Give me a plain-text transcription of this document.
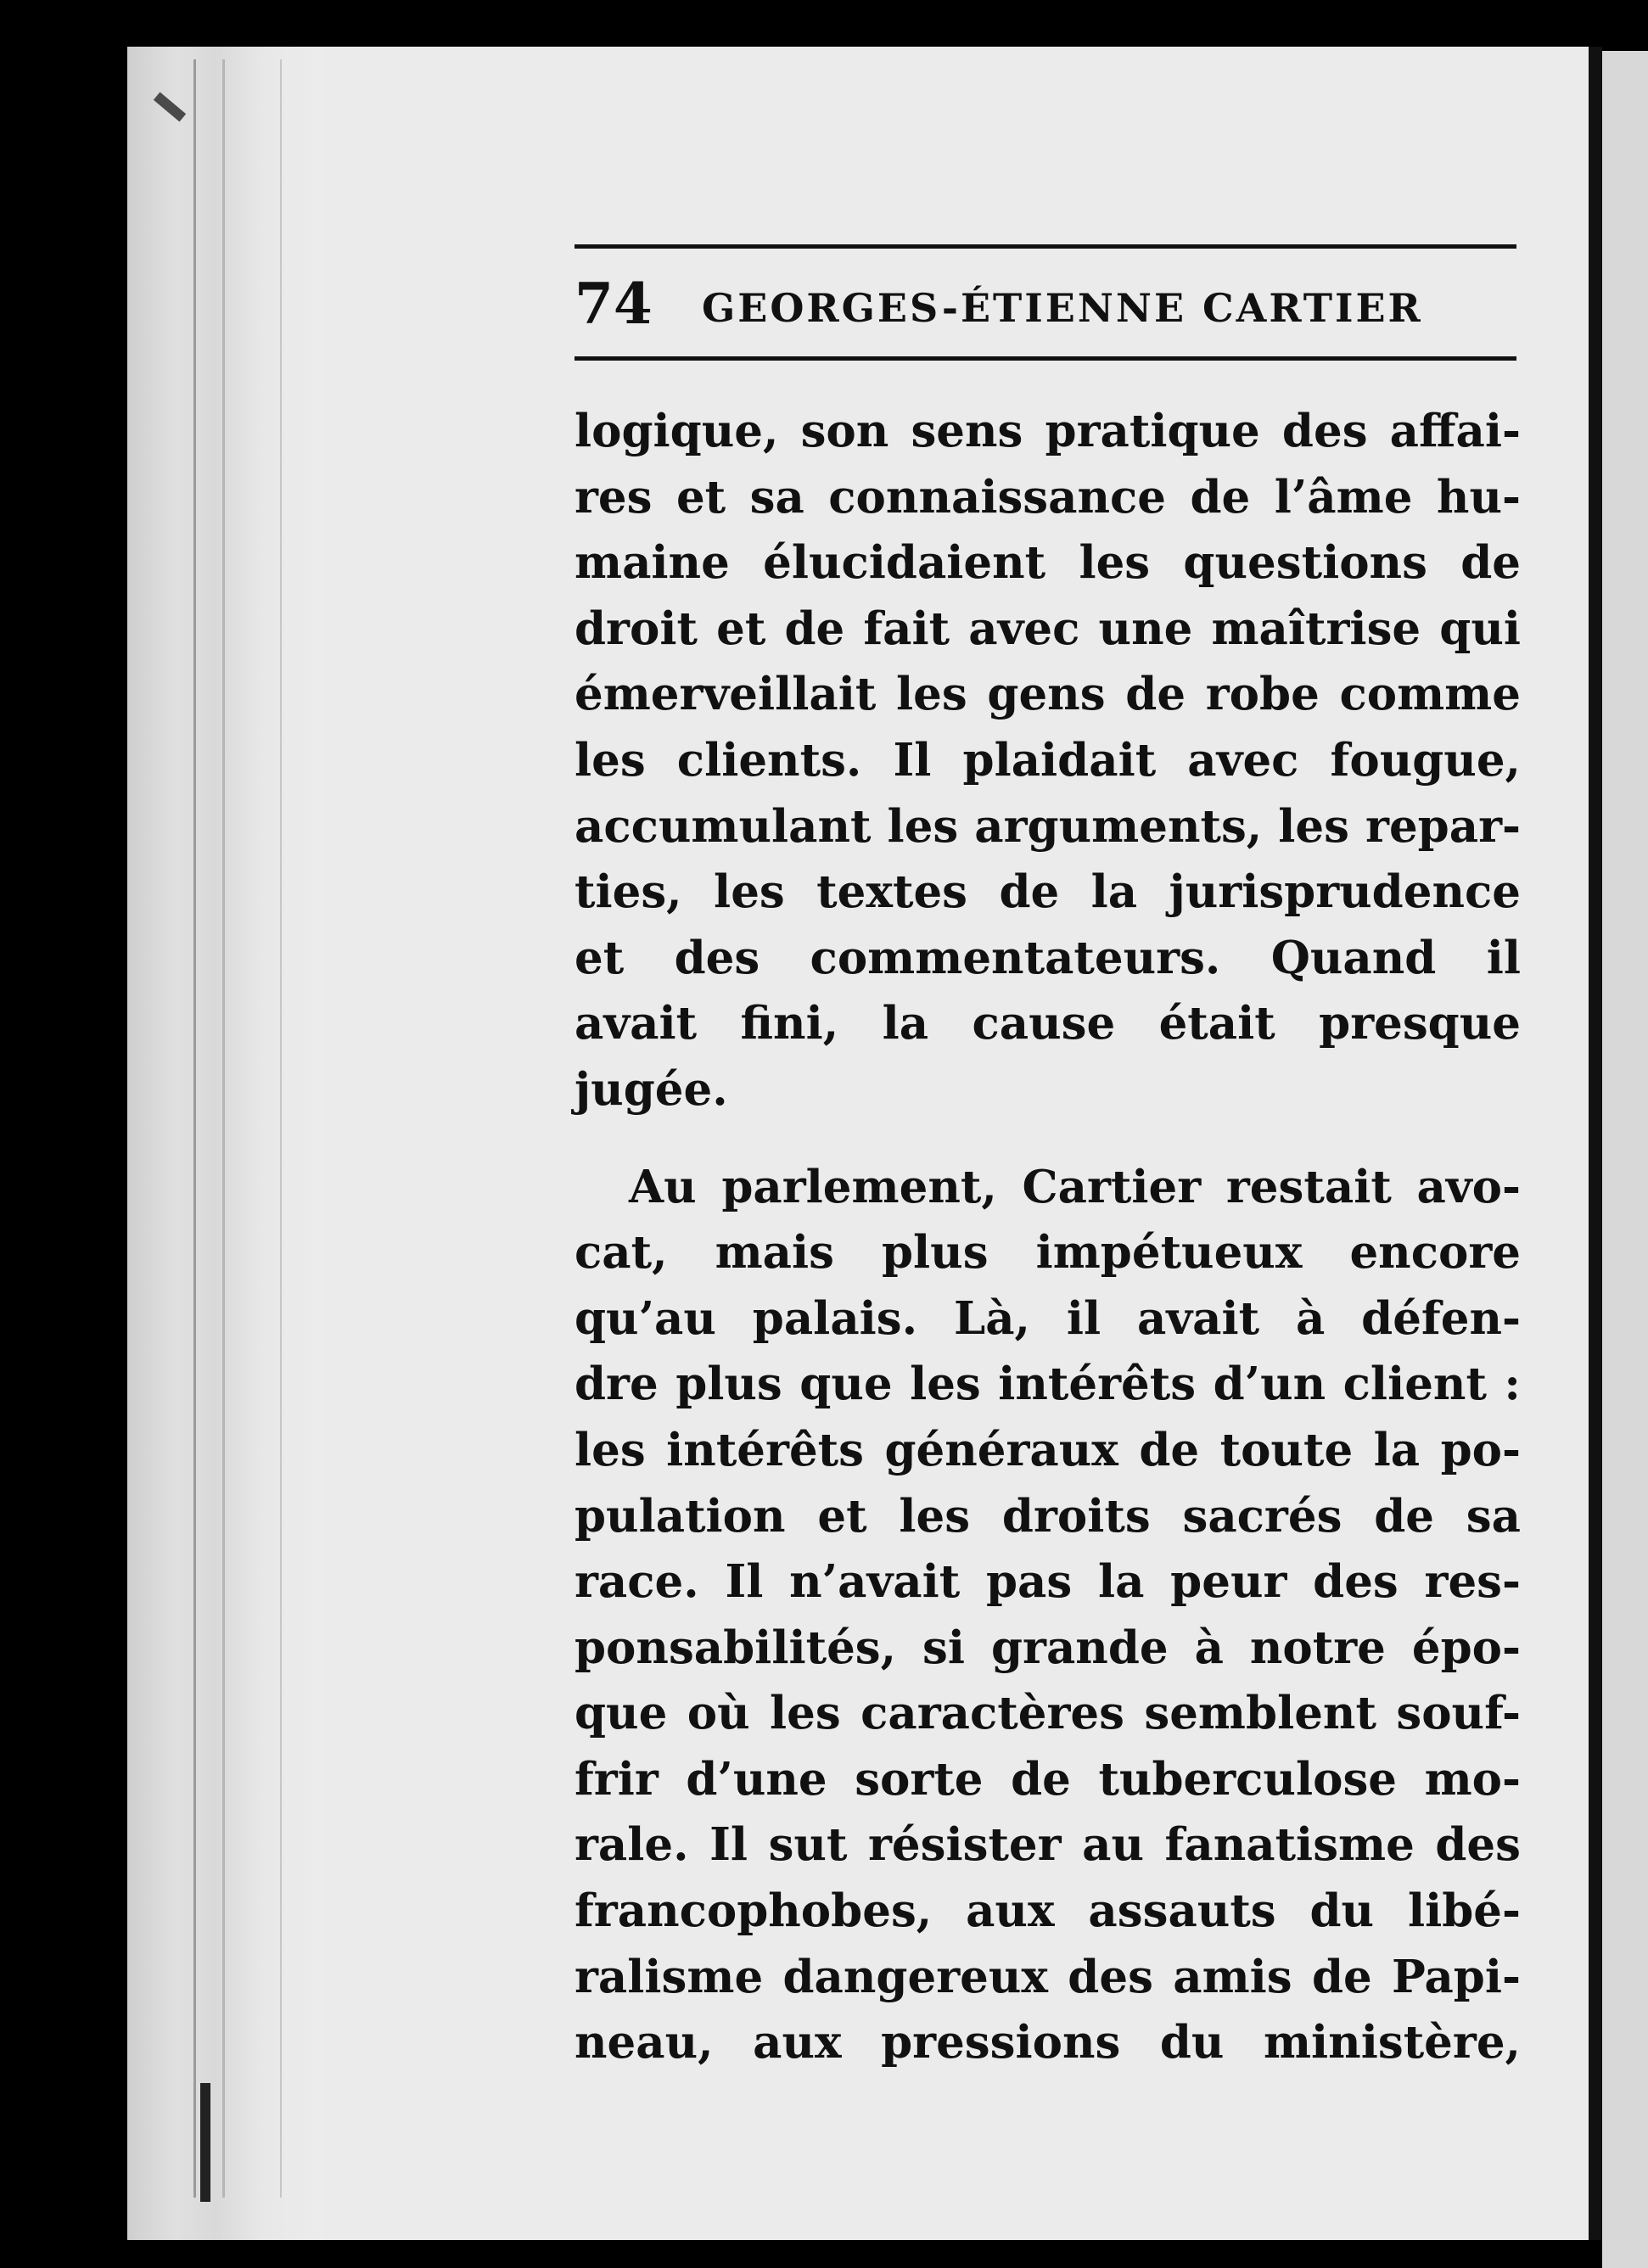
74 GEORGES-ÉTIENNE CARTIER
logique, son sens pratique des affai-
res et sa connaissance de l’âme hu-
maine élucidaient les questions de
droit et de fait avec une maîtrise qui
émerveillait les gens de robe comme
les clients. Il plaidait avec fougue,
accumulant les arguments, les repar-
ties, les textes de la jurisprudence
et des commentateurs. Quand il
avait fini, la cause était presque
jugée.
Au parlement, Cartier restait avo-
cat, mais plus impétueux encore
qu’au palais. Là, il avait à défen-
dre plus que les intérêts d’un client :
les intérêts généraux de toute la po-
pulation et les droits sacrés de sa
race. Il n’avait pas la peur des res-
ponsabilités, si grande à notre épo-
que où les caractères semblent souf-
frir d’une sorte de tuberculose mo-
rale. Il sut résister au fanatisme des
francophobes, aux assauts du libé-
ralisme dangereux des amis de Papi-
neau, aux pressions du ministère,
